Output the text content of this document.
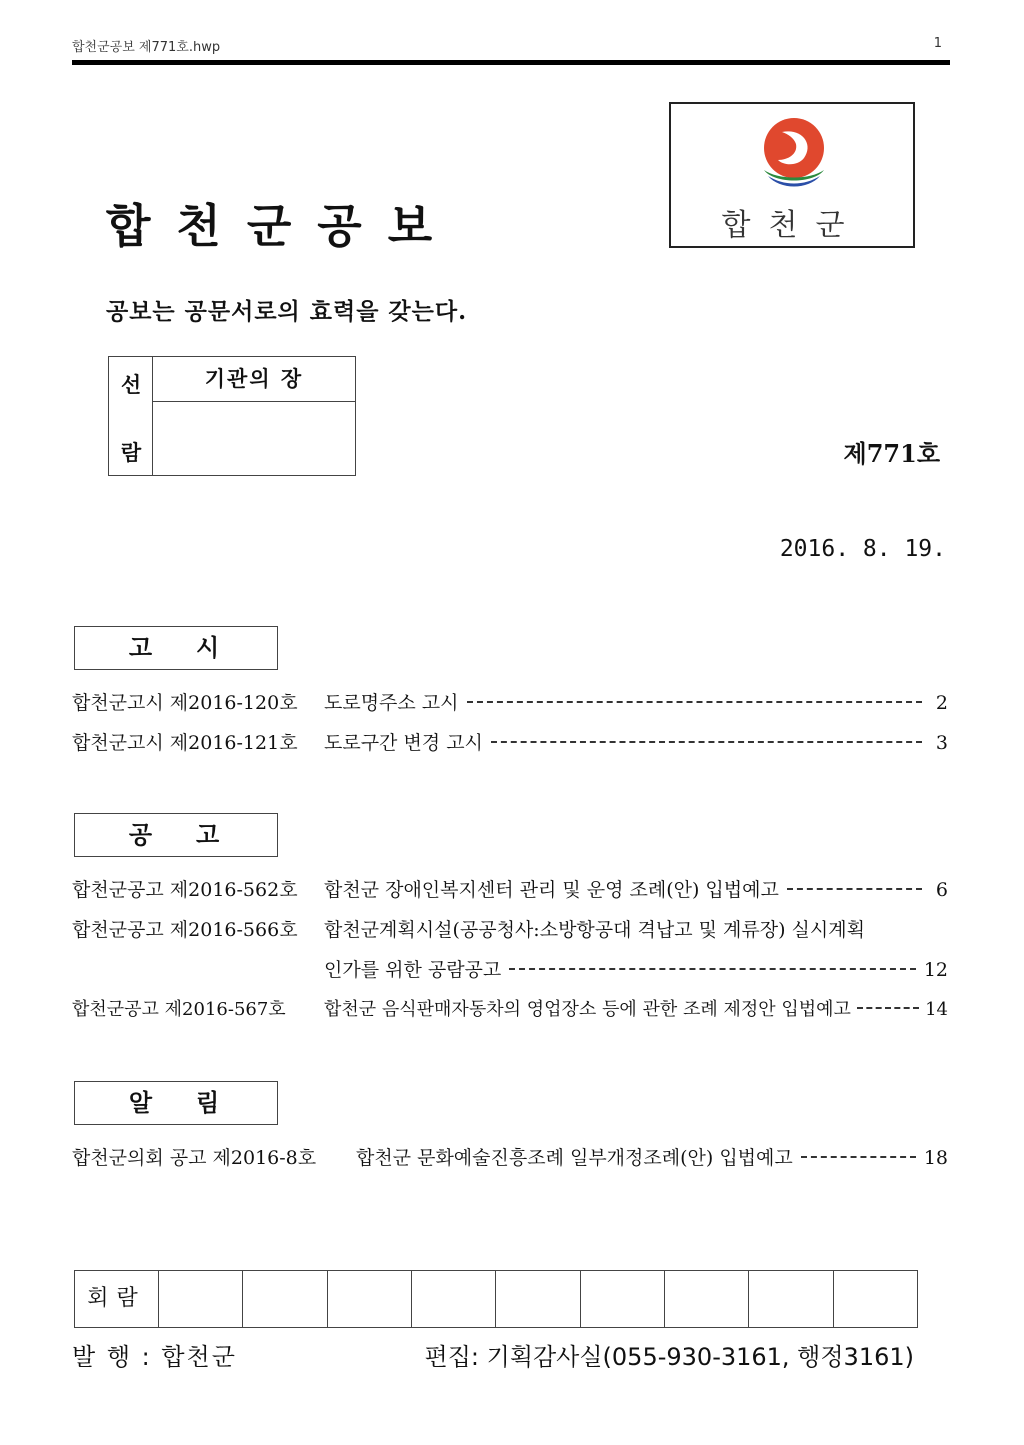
합천군공보 제771호.hwp	1
합천군공보	합천군
공보는 공문서로의 효력을 갖는다.
선
람
기관의 장
제771호
2016. 8. 19.
고시
합천군고시 제2016-120호	도로명주소 고시	2
합천군고시 제2016-121호	도로구간 변경 고시	3
공고
합천군공고 제2016-562호	합천군 장애인복지센터 관리 및 운영 조례(안) 입법예고	6
합천군공고 제2016-566호	합천군계획시설(공공청사:소방항공대 격납고 및 계류장) 실시계획
인가를 위한 공람공고	12
합천군공고 제2016-567호	합천군 음식판매자동차의 영업장소 등에 관한 조례 제정안 입법예고	14
알림
합천군의회 공고 제2016-8호	합천군 문화예술진흥조례 일부개정조례(안) 입법예고	18
회람
발 행 : 합천군	편집: 기획감사실(055-930-3161, 행정3161)
